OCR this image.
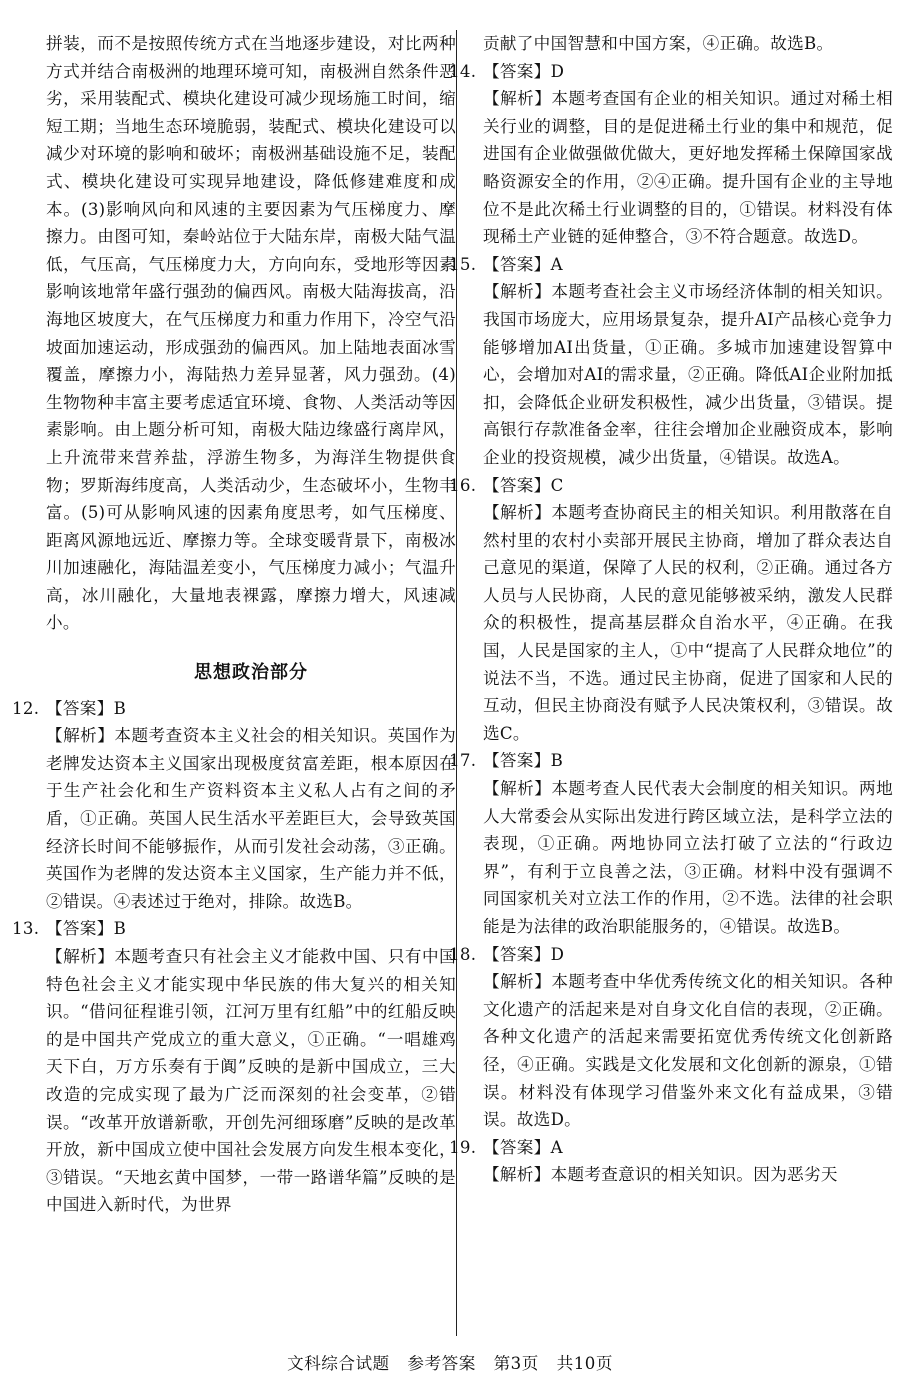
拼装，而不是按照传统方式在当地逐步建设，对比两种方式并结合南极洲的地理环境可知，南极洲自然条件恶劣，采用装配式、模块化建设可减少现场施工时间，缩短工期；当地生态环境脆弱，装配式、模块化建设可以减少对环境的影响和破坏；南极洲基础设施不足，装配式、模块化建设可实现异地建设，降低修建难度和成本。(3)影响风向和风速的主要因素为气压梯度力、摩擦力。由图可知，秦岭站位于大陆东岸，南极大陆气温低，气压高，气压梯度力大，方向向东，受地形等因素影响该地常年盛行强劲的偏西风。南极大陆海拔高，沿海地区坡度大，在气压梯度力和重力作用下，冷空气沿坡面加速运动，形成强劲的偏西风。加上陆地表面冰雪覆盖，摩擦力小，海陆热力差异显著，风力强劲。(4)生物物种丰富主要考虑适宜环境、食物、人类活动等因素影响。由上题分析可知，南极大陆边缘盛行离岸风，上升流带来营养盐，浮游生物多，为海洋生物提供食物；罗斯海纬度高，人类活动少，生态破坏小，生物丰富。(5)可从影响风速的因素角度思考，如气压梯度、距离风源地远近、摩擦力等。全球变暖背景下，南极冰川加速融化，海陆温差变小，气压梯度力减小；气温升高，冰川融化，大量地表裸露，摩擦力增大，风速减小。

思想政治部分

12. 【答案】B

【解析】本题考查资本主义社会的相关知识。英国作为老牌发达资本主义国家出现极度贫富差距，根本原因在于生产社会化和生产资料资本主义私人占有之间的矛盾，①正确。英国人民生活水平差距巨大，会导致英国经济长时间不能够振作，从而引发社会动荡，③正确。英国作为老牌的发达资本主义国家，生产能力并不低，②错误。④表述过于绝对，排除。故选B。

13. 【答案】B

【解析】本题考查只有社会主义才能救中国、只有中国特色社会主义才能实现中华民族的伟大复兴的相关知识。“借问征程谁引领，江河万里有红船”中的红船反映的是中国共产党成立的重大意义，①正确。“一唱雄鸡天下白，万方乐奏有于阗”反映的是新中国成立，三大改造的完成实现了最为广泛而深刻的社会变革，②错误。“改革开放谱新歌，开创先河细琢磨”反映的是改革开放，新中国成立使中国社会发展方向发生根本变化，③错误。“天地玄黄中国梦，一带一路谱华篇”反映的是中国进入新时代，为世界

贡献了中国智慧和中国方案，④正确。故选B。

14. 【答案】D

【解析】本题考查国有企业的相关知识。通过对稀土相关行业的调整，目的是促进稀土行业的集中和规范，促进国有企业做强做优做大，更好地发挥稀土保障国家战略资源安全的作用，②④正确。提升国有企业的主导地位不是此次稀土行业调整的目的，①错误。材料没有体现稀土产业链的延伸整合，③不符合题意。故选D。

15. 【答案】A

【解析】本题考查社会主义市场经济体制的相关知识。我国市场庞大，应用场景复杂，提升AI产品核心竞争力能够增加AI出货量，①正确。多城市加速建设智算中心，会增加对AI的需求量，②正确。降低AI企业附加抵扣，会降低企业研发积极性，减少出货量，③错误。提高银行存款准备金率，往往会增加企业融资成本，影响企业的投资规模，减少出货量，④错误。故选A。

16. 【答案】C

【解析】本题考查协商民主的相关知识。利用散落在自然村里的农村小卖部开展民主协商，增加了群众表达自己意见的渠道，保障了人民的权利，②正确。通过各方人员与人民协商，人民的意见能够被采纳，激发人民群众的积极性，提高基层群众自治水平，④正确。在我国，人民是国家的主人，①中“提高了人民群众地位”的说法不当，不选。通过民主协商，促进了国家和人民的互动，但民主协商没有赋予人民决策权利，③错误。故选C。

17. 【答案】B

【解析】本题考查人民代表大会制度的相关知识。两地人大常委会从实际出发进行跨区域立法，是科学立法的表现，①正确。两地协同立法打破了立法的“行政边界”，有利于立良善之法，③正确。材料中没有强调不同国家机关对立法工作的作用，②不选。法律的社会职能是为法律的政治职能服务的，④错误。故选B。

18. 【答案】D

【解析】本题考查中华优秀传统文化的相关知识。各种文化遗产的活起来是对自身文化自信的表现，②正确。各种文化遗产的活起来需要拓宽优秀传统文化创新路径，④正确。实践是文化发展和文化创新的源泉，①错误。材料没有体现学习借鉴外来文化有益成果，③错误。故选D。

19. 【答案】A

【解析】本题考查意识的相关知识。因为恶劣天

文科综合试题 参考答案 第3页 共10页
